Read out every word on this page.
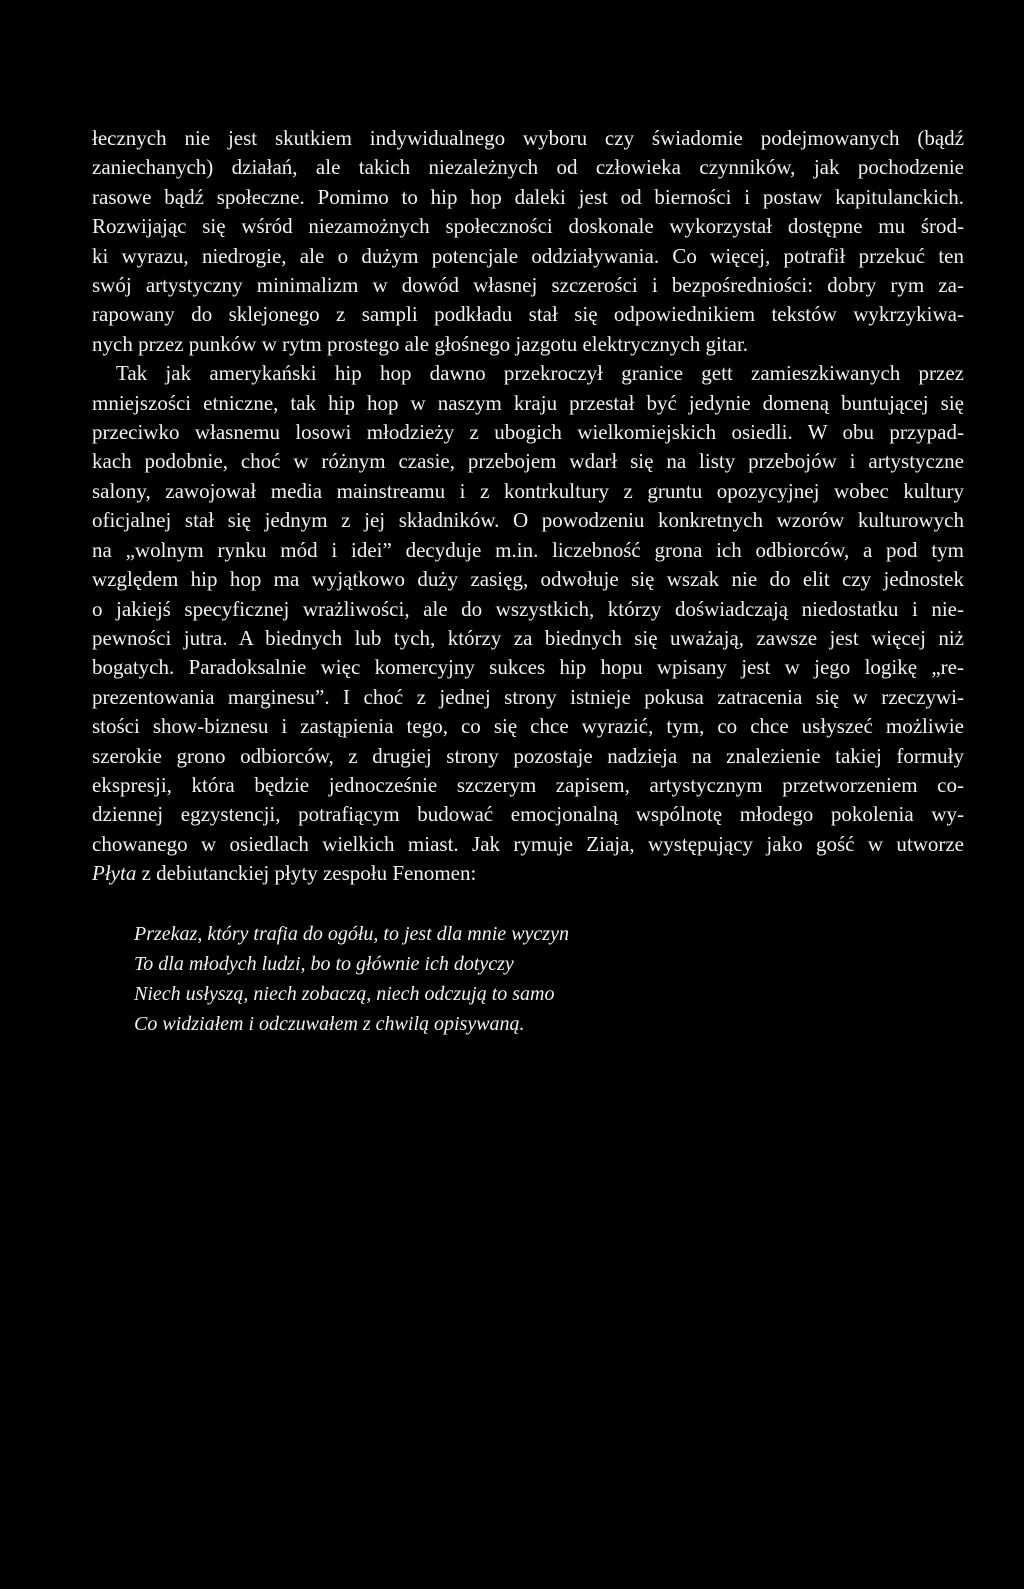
łecznych nie jest skutkiem indywidualnego wyboru czy świadomie podejmowanych (bądź
zaniechanych) działań, ale takich niezależnych od człowieka czynników, jak pochodzenie
rasowe bądź społeczne. Pomimo to hip hop daleki jest od bierności i postaw kapitulanckich.
Rozwijając się wśród niezamożnych społeczności doskonale wykorzystał dostępne mu środ-
ki wyrazu, niedrogie, ale o dużym potencjale oddziaływania. Co więcej, potrafił przekuć ten
swój artystyczny minimalizm w dowód własnej szczerości i bezpośredniości: dobry rym za-
rapowany do sklejonego z sampli podkładu stał się odpowiednikiem tekstów wykrzykiwa-
nych przez punków w rytm prostego ale głośnego jazgotu elektrycznych gitar.
Tak jak amerykański hip hop dawno przekroczył granice gett zamieszkiwanych przez
mniejszości etniczne, tak hip hop w naszym kraju przestał być jedynie domeną buntującej się
przeciwko własnemu losowi młodzieży z ubogich wielkomiejskich osiedli. W obu przypad-
kach podobnie, choć w różnym czasie, przebojem wdarł się na listy przebojów i artystyczne
salony, zawojował media mainstreamu i z kontrkultury z gruntu opozycyjnej wobec kultury
oficjalnej stał się jednym z jej składników. O powodzeniu konkretnych wzorów kulturowych
na „wolnym rynku mód i idei” decyduje m.in. liczebność grona ich odbiorców, a pod tym
względem hip hop ma wyjątkowo duży zasięg, odwołuje się wszak nie do elit czy jednostek
o jakiejś specyficznej wrażliwości, ale do wszystkich, którzy doświadczają niedostatku i nie-
pewności jutra. A biednych lub tych, którzy za biednych się uważają, zawsze jest więcej niż
bogatych. Paradoksalnie więc komercyjny sukces hip hopu wpisany jest w jego logikę „re-
prezentowania marginesu”. I choć z jednej strony istnieje pokusa zatracenia się w rzeczywi-
stości show-biznesu i zastąpienia tego, co się chce wyrazić, tym, co chce usłyszeć możliwie
szerokie grono odbiorców, z drugiej strony pozostaje nadzieja na znalezienie takiej formuły
ekspresji, która będzie jednocześnie szczerym zapisem, artystycznym przetworzeniem co-
dziennej egzystencji, potrafiącym budować emocjonalną wspólnotę młodego pokolenia wy-
chowanego w osiedlach wielkich miast. Jak rymuje Ziaja, występujący jako gość w utworze
Płyta z debiutanckiej płyty zespołu Fenomen:
Przekaz, który trafia do ogółu, to jest dla mnie wyczyn
To dla młodych ludzi, bo to głównie ich dotyczy
Niech usłyszą, niech zobaczą, niech odczują to samo
Co widziałem i odczuwałem z chwilą opisywaną.
